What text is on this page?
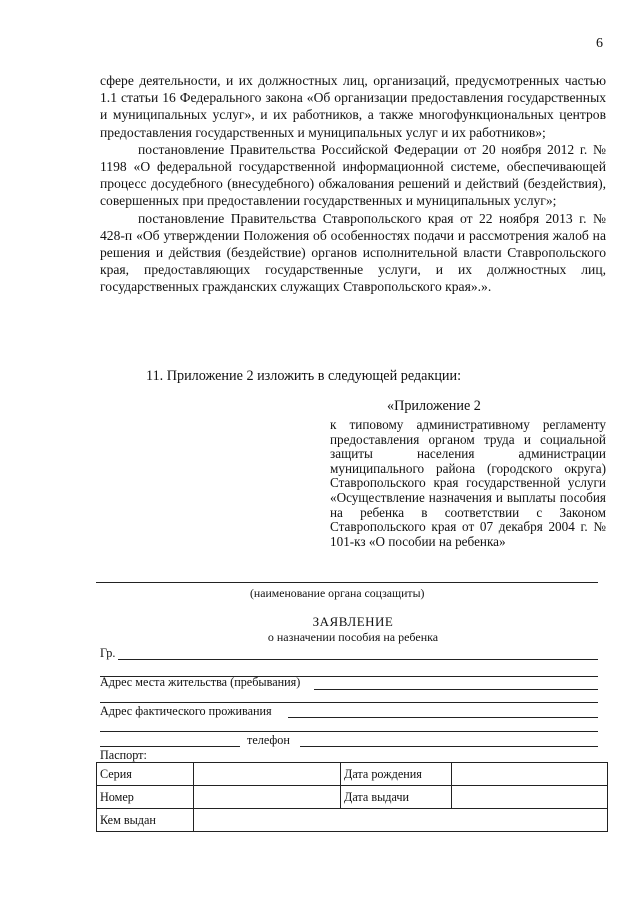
6

сфере деятельности, и их должностных лиц, организаций, предусмотренных частью 1.1 статьи 16 Федерального закона «Об организации предоставления государственных и муниципальных услуг», и их работников, а также многофункциональных центров предоставления государственных и муниципальных услуг и их работников»;

постановление Правительства Российской Федерации от 20 ноября 2012 г. № 1198 «О федеральной государственной информационной системе, обеспечивающей процесс досудебного (внесудебного) обжалования решений и действий (бездействия), совершенных при предоставлении государственных и муниципальных услуг»;

постановление Правительства Ставропольского края от 22 ноября 2013 г. № 428-п «Об утверждении Положения об особенностях подачи и рассмотрения жалоб на решения и действия (бездействие) органов исполнительной власти Ставропольского края, предоставляющих государственные услуги, и их должностных лиц, государственных гражданских служащих Ставропольского края».».

11. Приложение 2 изложить в следующей редакции:
«Приложение 2
к типовому административному регламенту предоставления органом труда и социальной защиты населения администрации муниципального района (городского округа) Ставропольского края государственной услуги «Осуществление назначения и выплаты пособия на ребенка в соответствии с Законом Ставропольского края от 07 декабря 2004 г. № 101-кз «О пособии на ребенка»
(наименование органа соцзащиты)
ЗАЯВЛЕНИЕ
о назначении пособия на ребенка
Гр.
Адрес места жительства (пребывания)
Адрес фактического проживания
телефон
Паспорт:
Серия		Дата рождения	
Номер		Дата выдачи	
Кем выдан			
